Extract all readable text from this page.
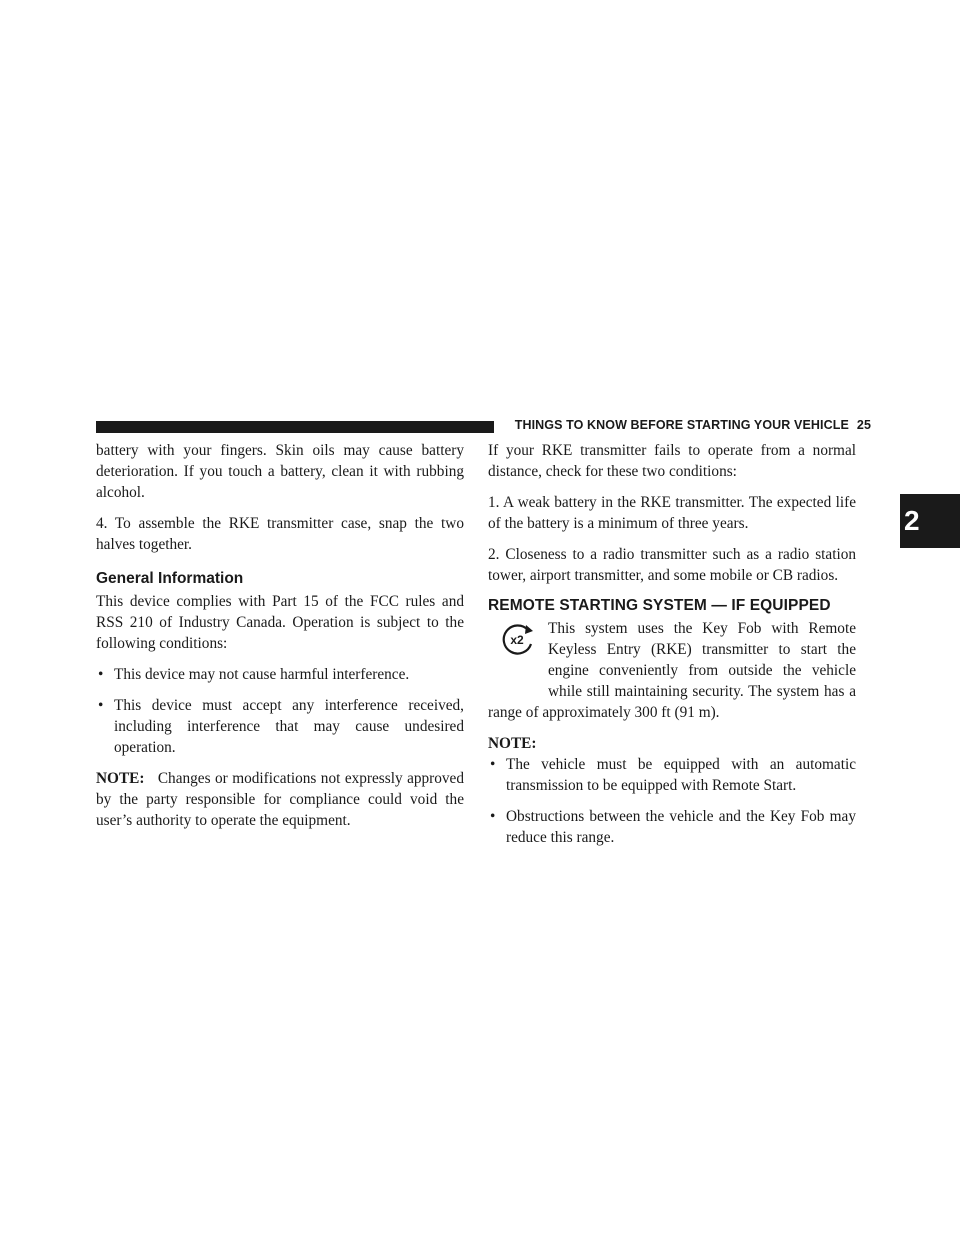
THINGS TO KNOW BEFORE STARTING YOUR VEHICLE 25
2

battery with your fingers. Skin oils may cause battery deterioration. If you touch a battery, clean it with rubbing alcohol.

4. To assemble the RKE transmitter case, snap the two halves together.

General Information

This device complies with Part 15 of the FCC rules and RSS 210 of Industry Canada. Operation is subject to the following conditions:

• This device may not cause harmful interference.
• This device must accept any interference received, including interference that may cause undesired operation.

NOTE: Changes or modifications not expressly approved by the party responsible for compliance could void the user’s authority to operate the equipment.

If your RKE transmitter fails to operate from a normal distance, check for these two conditions:

1. A weak battery in the RKE transmitter. The expected life of the battery is a minimum of three years.

2. Closeness to a radio transmitter such as a radio station tower, airport transmitter, and some mobile or CB radios.

REMOTE STARTING SYSTEM — IF EQUIPPED

x2
This system uses the Key Fob with Remote Keyless Entry (RKE) transmitter to start the engine conveniently from outside the vehicle while still maintaining security. The system has a range of approximately 300 ft (91 m).

NOTE:
• The vehicle must be equipped with an automatic transmission to be equipped with Remote Start.
• Obstructions between the vehicle and the Key Fob may reduce this range.
